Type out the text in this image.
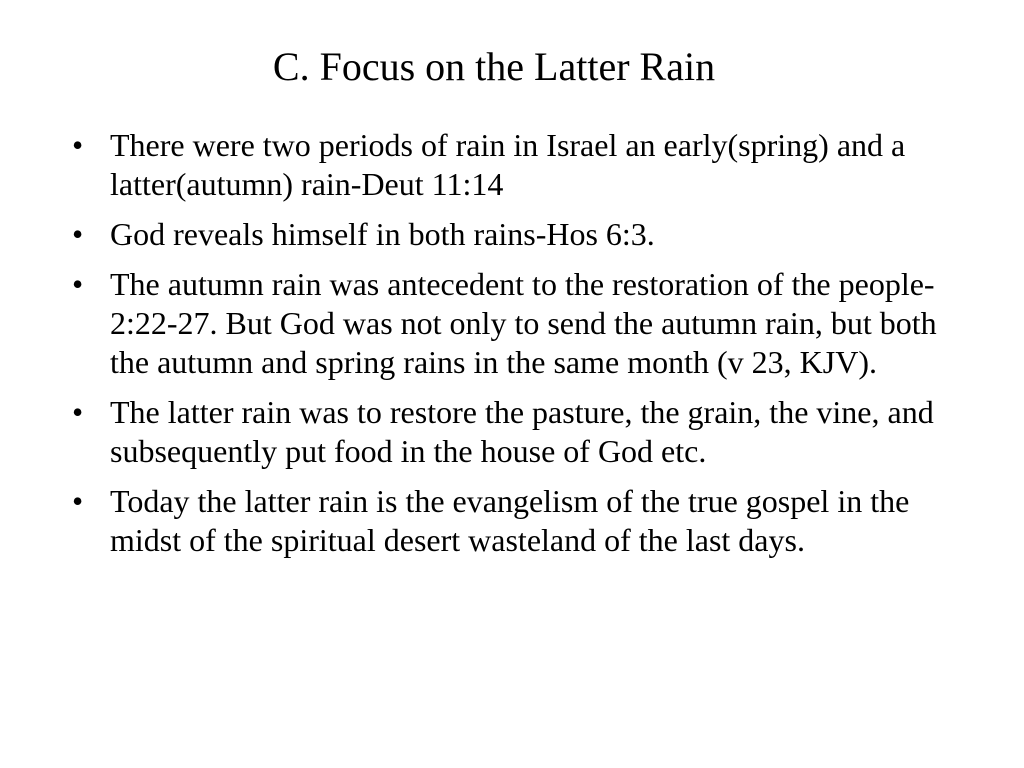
C. Focus on the Latter Rain
• There were two periods of rain in Israel an early(spring) and a latter(autumn) rain-Deut 11:14
• God reveals himself in both rains-Hos 6:3.
• The autumn rain was antecedent to the restoration of the people-2:22-27. But God was not only to send the autumn rain, but both the autumn and spring rains in the same month (v 23, KJV).
• The latter rain was to restore the pasture, the grain, the vine, and subsequently put food in the house of God etc.
• Today the latter rain is the evangelism of the true gospel in the midst of the spiritual desert wasteland of the last days.
